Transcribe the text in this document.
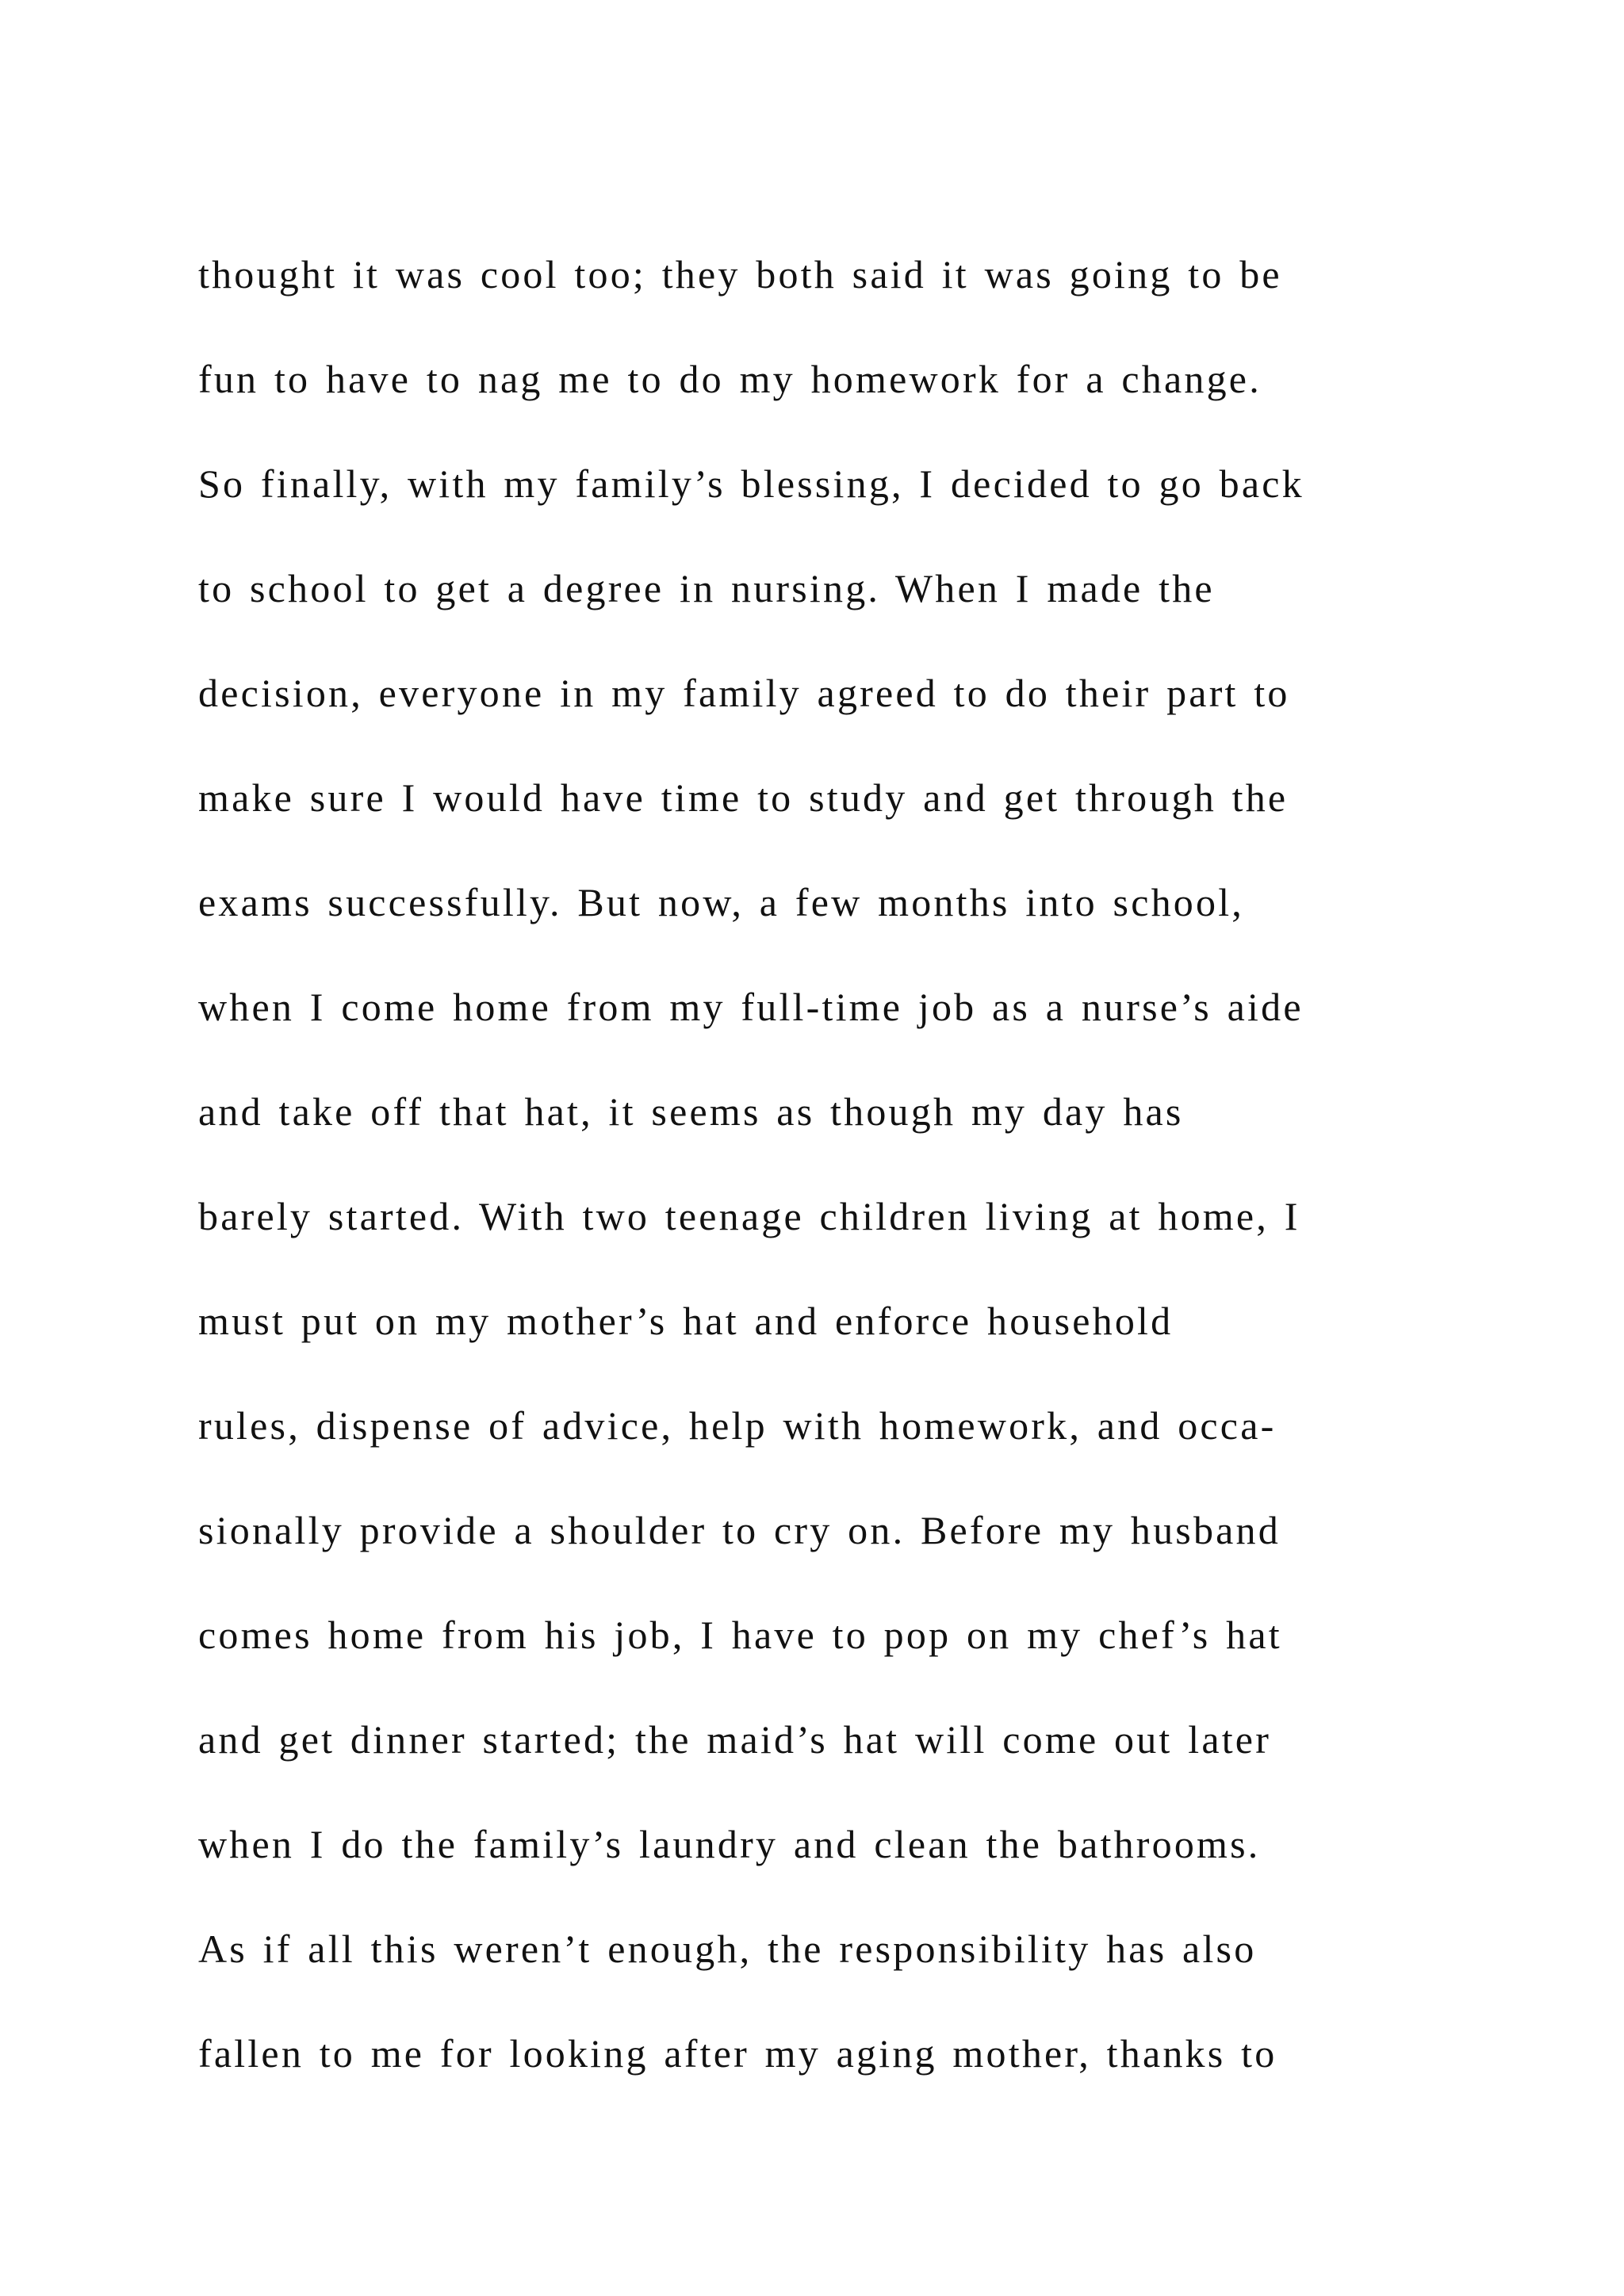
thought it was cool too; they both said it was going to be
fun to have to nag me to do my homework for a change.
So finally, with my family’s blessing, I decided to go back
to school to get a degree in nursing. When I made the
decision, everyone in my family agreed to do their part to
make sure I would have time to study and get through the
exams successfully. But now, a few months into school,
when I come home from my full-time job as a nurse’s aide
and take off that hat, it seems as though my day has
barely started. With two teenage children living at home, I
must put on my mother’s hat and enforce household
rules, dispense of advice, help with homework, and occa-
sionally provide a shoulder to cry on. Before my husband
comes home from his job, I have to pop on my chef’s hat
and get dinner started; the maid’s hat will come out later
when I do the family’s laundry and clean the bathrooms.
As if all this weren’t enough, the responsibility has also
fallen to me for looking after my aging mother, thanks to
